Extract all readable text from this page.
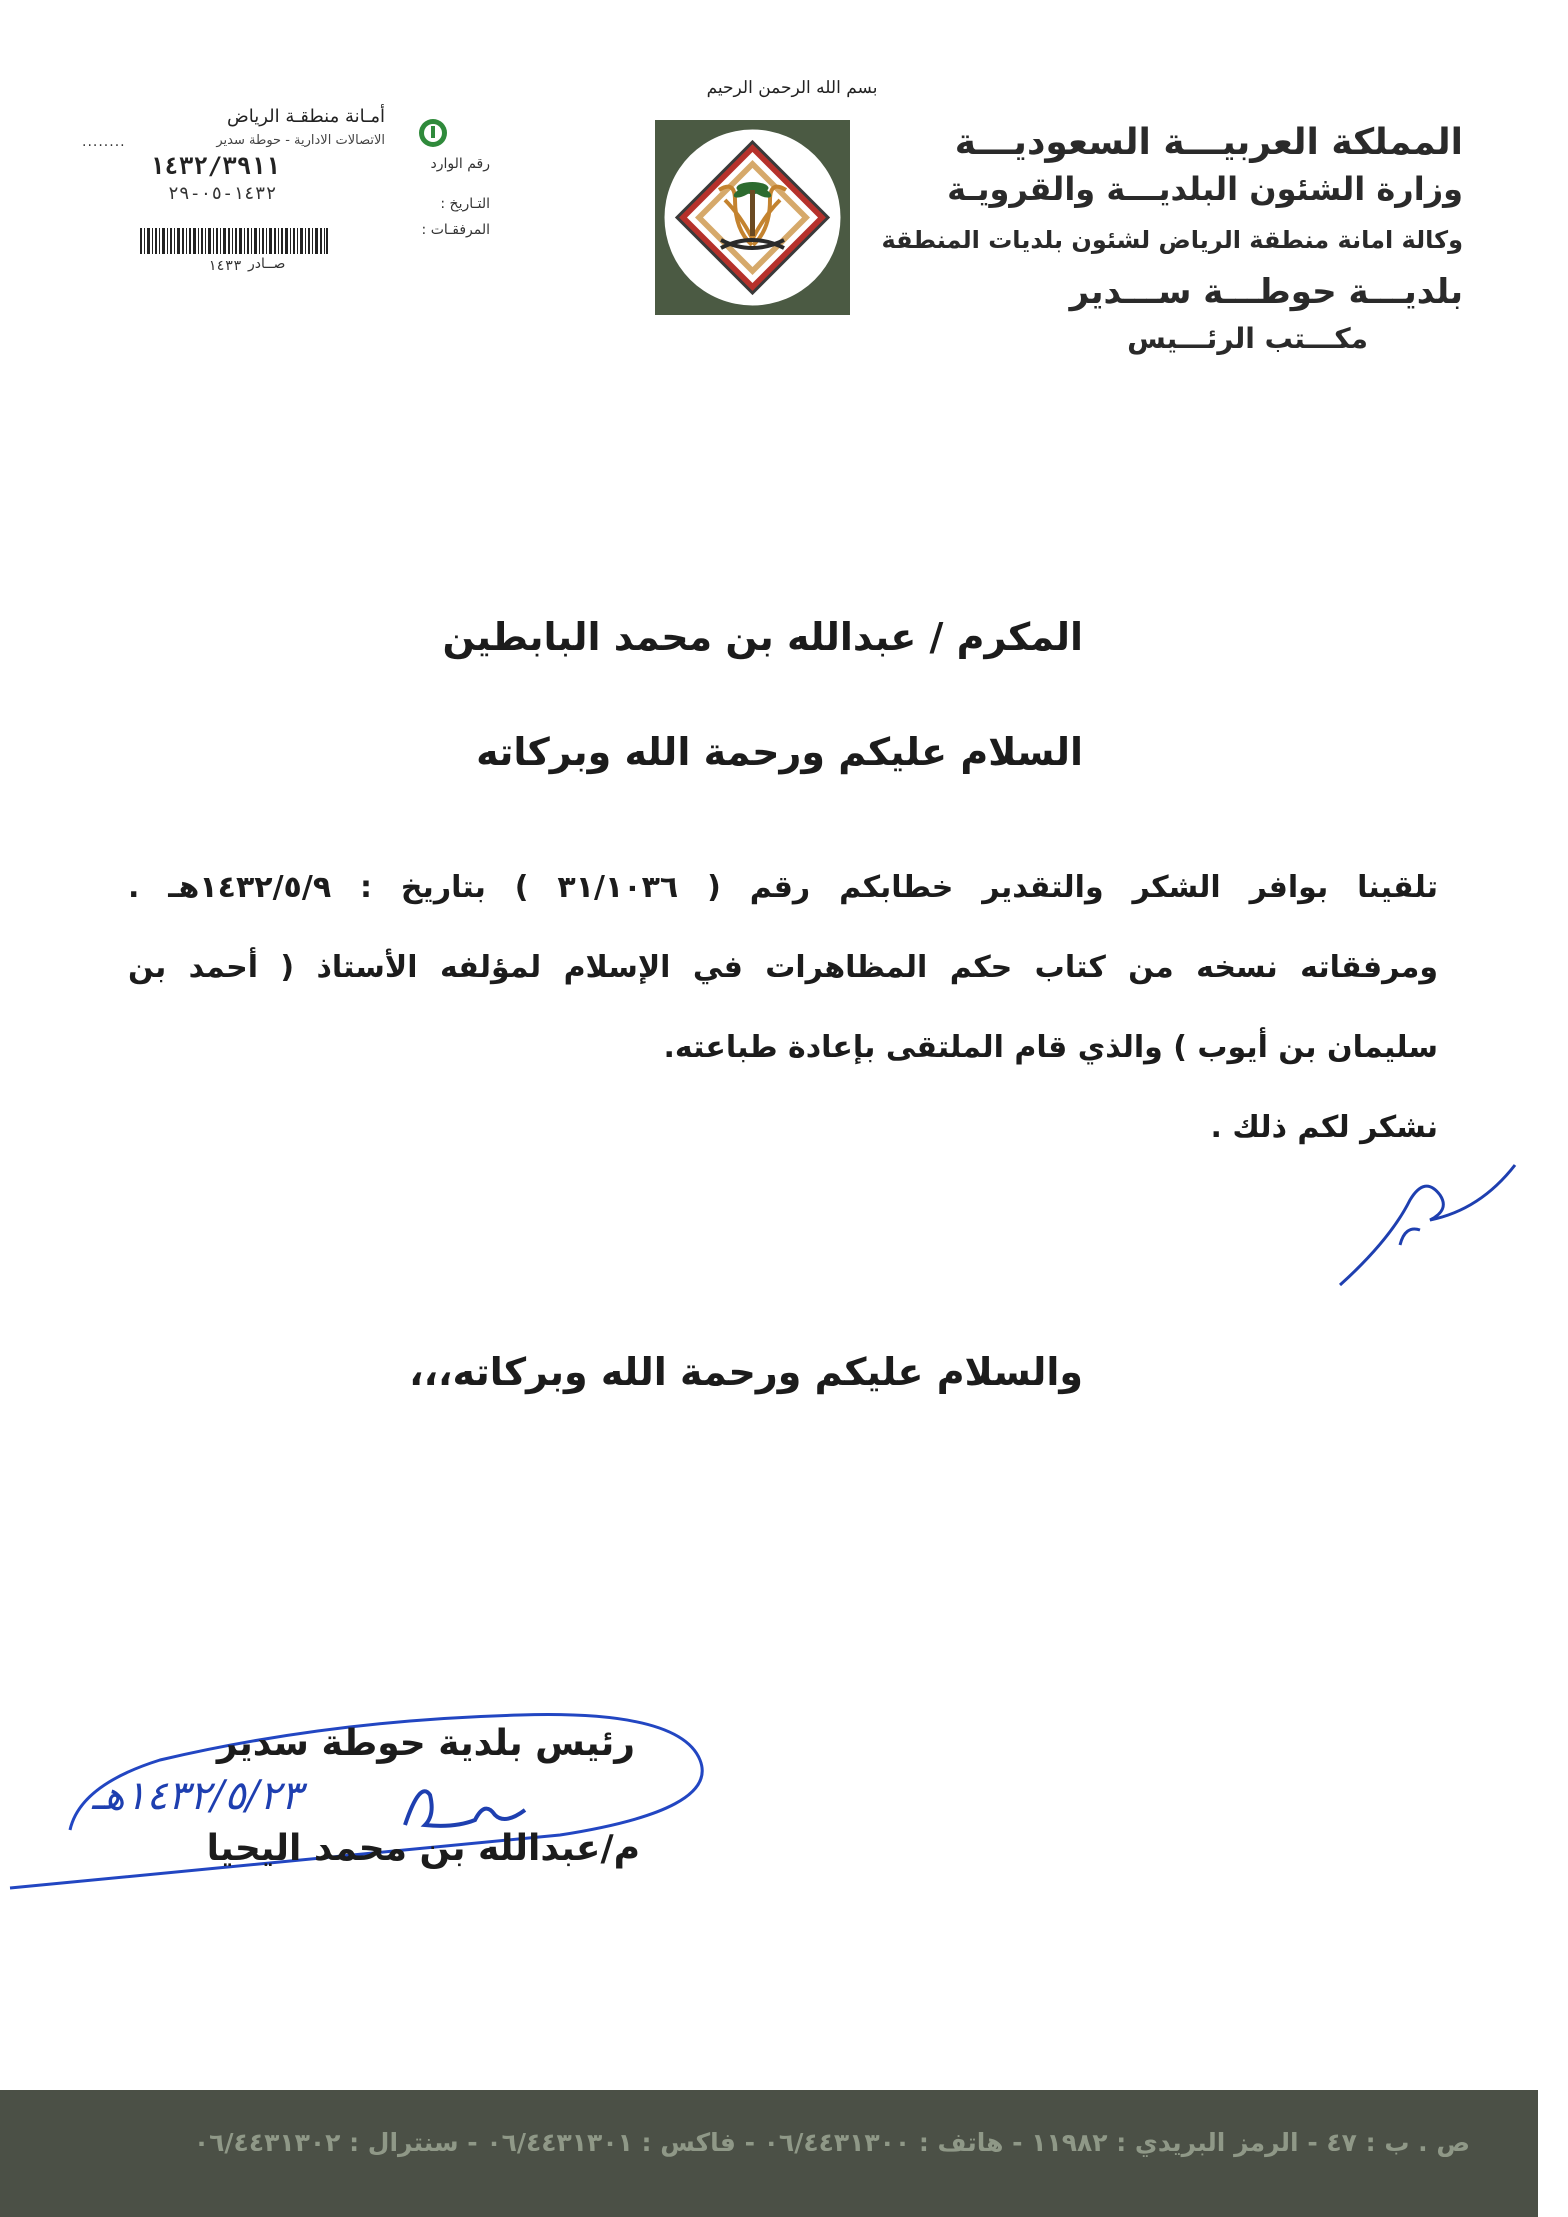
المملكة العربيـــة السعوديـــة
وزارة الشئون البلديـــة والقرويـة
وكالة امانة منطقة الرياض لشئون بلديات المنطقة
بلديـــة حوطـــة ســـدير
مكـــتب الرئـــيس
بسم الله الرحمن الرحيم
أمـانة منطقـة الرياض
الاتصالات الادارية - حوطة سدير
رقم الوارد
١٤٣٢/٣٩١١
التـاريخ :
١٤٣٢-٠٥-٢٩
المرفقـات :
........
صــادر
١٤٣٣
المكرم / عبدالله بن محمد البابطين
السلام عليكم ورحمة الله وبركاته
تلقينا بوافر الشكر والتقدير خطابكم رقم ( ٣١/١٠٣٦ ) بتاريخ : ١٤٣٢/٥/٩هـ .
ومرفقاته نسخه من كتاب حكم المظاهرات في الإسلام لمؤلفه الأستاذ ( أحمد بن
سليمان بن أيوب ) والذي قام الملتقى بإعادة طباعته.
نشكر لكم ذلك .
والسلام عليكم ورحمة الله وبركاته،،،
رئيس بلدية حوطة سدير
١٤٣٢/٥/٢٣هـ
م/عبدالله بن محمد اليحيا
ص . ب : ٤٧ - الرمز البريدي : ١١٩٨٢ - هاتف : ٠٦/٤٤٣١٣٠٠ - فاكس : ٠٦/٤٤٣١٣٠١ - سنترال : ٠٦/٤٤٣١٣٠٢
